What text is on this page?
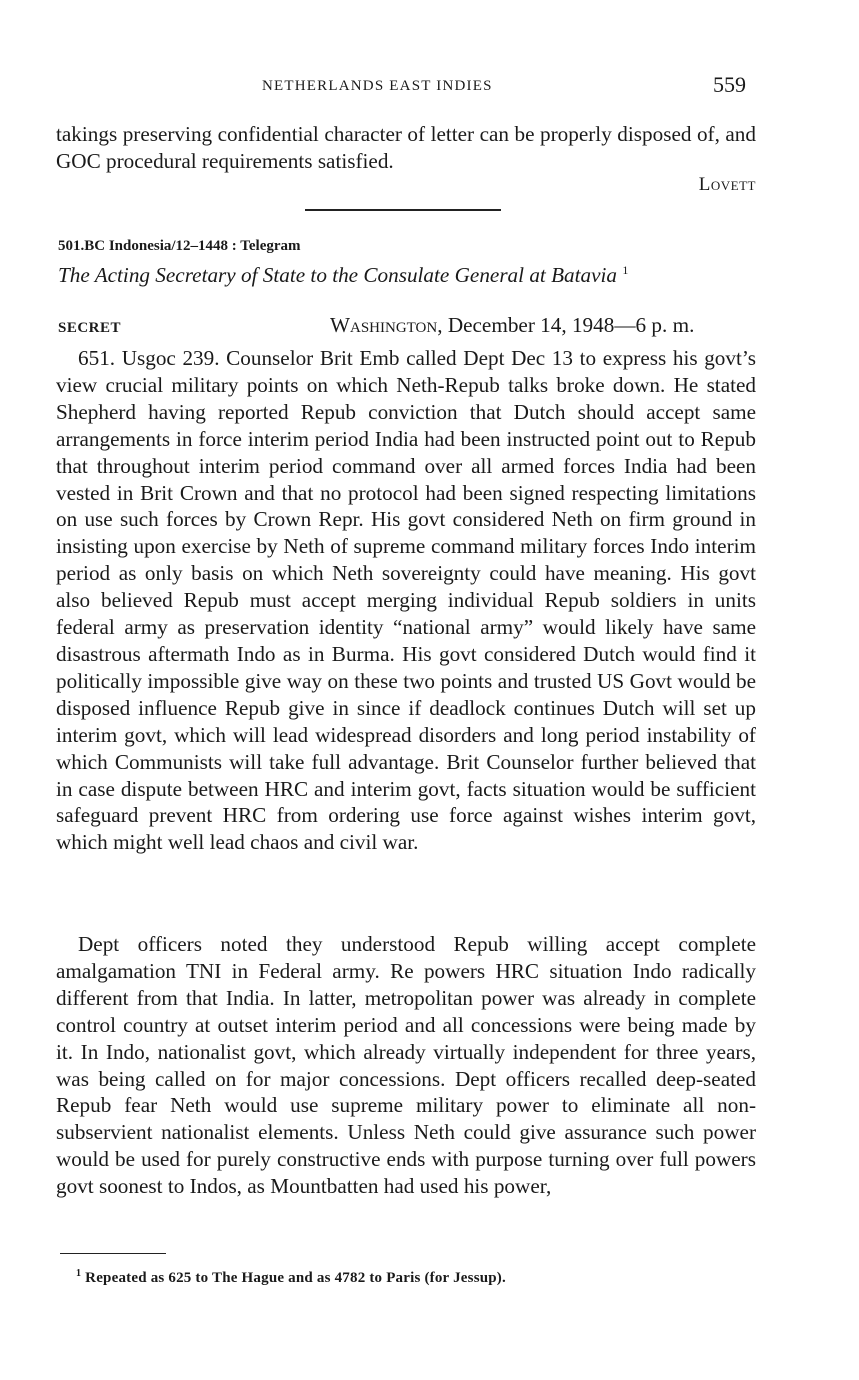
NETHERLANDS EAST INDIES	559

takings preserving confidential character of letter can be properly disposed of, and GOC procedural requirements satisfied.

Lovett
501.BC Indonesia/12–1448 : Telegram
The Acting Secretary of State to the Consulate General at Batavia $^1$
SECRET	Washington, December 14, 1948—6 p. m.

651. Usgoc 239. Counselor Brit Emb called Dept Dec 13 to express his govt’s view crucial military points on which Neth-Repub talks broke down. He stated Shepherd having reported Repub conviction that Dutch should accept same arrangements in force interim period India had been instructed point out to Repub that throughout interim period command over all armed forces India had been vested in Brit Crown and that no protocol had been signed respecting limitations on use such forces by Crown Repr. His govt considered Neth on firm ground in insisting upon exercise by Neth of supreme command military forces Indo interim period as only basis on which Neth sovereignty could have meaning. His govt also believed Repub must accept merging individual Repub soldiers in units federal army as preservation identity “national army” would likely have same disastrous aftermath Indo as in Burma. His govt considered Dutch would find it politically impossible give way on these two points and trusted US Govt would be disposed influence Repub give in since if deadlock continues Dutch will set up interim govt, which will lead widespread disorders and long period instability of which Communists will take full advantage. Brit Counselor further believed that in case dispute between HRC and interim govt, facts situation would be sufficient safeguard prevent HRC from ordering use force against wishes interim govt, which might well lead chaos and civil war.

Dept officers noted they understood Repub willing accept complete amalgamation TNI in Federal army. Re powers HRC situation Indo radically different from that India. In latter, metropolitan power was already in complete control country at outset interim period and all concessions were being made by it. In Indo, nationalist govt, which already virtually independent for three years, was being called on for major concessions. Dept officers recalled deep-seated Repub fear Neth would use supreme military power to eliminate all non-subservient nationalist elements. Unless Neth could give assurance such power would be used for purely constructive ends with purpose turning over full powers govt soonest to Indos, as Mountbatten had used his power,

$^1$ Repeated as 625 to The Hague and as 4782 to Paris (for Jessup).
